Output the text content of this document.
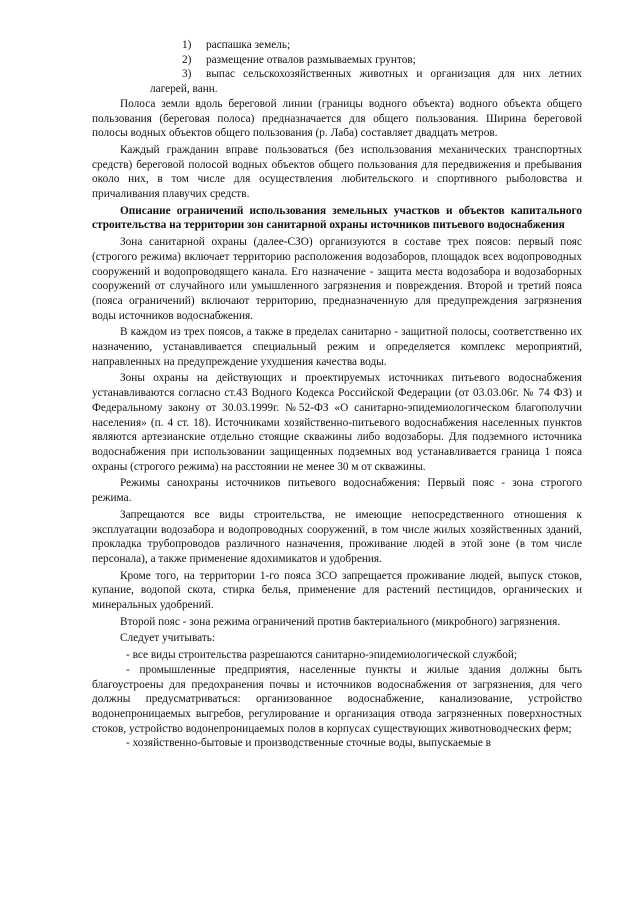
1) распашка земель;
2) размещение отвалов размываемых грунтов;
3) выпас сельскохозяйственных животных и организация для них летних лагерей, ванн.

Полоса земли вдоль береговой линии (границы водного объекта) водного объекта общего пользования (береговая полоса) предназначается для общего пользования. Ширина береговой полосы водных объектов общего пользования (р. Лаба) составляет двадцать метров.

Каждый гражданин вправе пользоваться (без использования механических транспортных средств) береговой полосой водных объектов общего пользования для передвижения и пребывания около них, в том числе для осуществления любительского и спортивного рыболовства и причаливания плавучих средств.

Описание ограничений использования земельных участков и объектов капитального строительства на территории зон санитарной охраны источников питьевого водоснабжения

Зона санитарной охраны (далее-СЗО) организуются в составе трех поясов: первый пояс (строгого режима) включает территорию расположения водозаборов, площадок всех водопроводных сооружений и водопроводящего канала. Его назначение - защита места водозабора и водозаборных сооружений от случайного или умышленного загрязнения и повреждения. Второй и третий пояса (пояса ограничений) включают территорию, предназначенную для предупреждения загрязнения воды источников водоснабжения.

В каждом из трех поясов, а также в пределах санитарно - защитной полосы, соответственно их назначению, устанавливается специальный режим и определяется комплекс мероприятий, направленных на предупреждение ухудшения качества воды.

Зоны охраны на действующих и проектируемых источниках питьевого водоснабжения устанавливаются согласно ст.43 Водного Кодекса Российской Федерации (от 03.03.06г. № 74 ФЗ) и Федеральному закону от 30.03.1999г. №52-ФЗ «О санитарно-эпидемиологическом благополучии населения» (п. 4 ст. 18). Источниками хозяйственно-питьевого водоснабжения населенных пунктов являются артезианские отдельно стоящие скважины либо водозаборы. Для подземного источника водоснабжения при использовании защищенных подземных вод устанавливается граница 1 пояса охраны (строгого режима) на расстоянии не менее 30 м от скважины.

Режимы санохраны источников питьевого водоснабжения: Первый пояс - зона строгого режима.

Запрещаются все виды строительства, не имеющие непосредственного отношения к эксплуатации водозабора и водопроводных сооружений, в том числе жилых хозяйственных зданий, прокладка трубопроводов различного назначения, проживание людей в этой зоне (в том числе персонала), а также применение ядохимикатов и удобрения.

Кроме того, на территории 1-го пояса ЗСО запрещается проживание людей, выпуск стоков, купание, водопой скота, стирка белья, применение для растений пестицидов, органических и минеральных удобрений.

Второй пояс - зона режима ограничений против бактериального (микробного) загрязнения.

Следует учитывать:

- все виды строительства разрешаются санитарно-эпидемиологической службой;

- промышленные предприятия, населенные пункты и жилые здания должны быть благоустроены для предохранения почвы и источников водоснабжения от загрязнения, для чего должны предусматриваться: организованное водоснабжение, канализование, устройство водонепроницаемых выгребов, регулирование и организация отвода загрязненных поверхностных стоков, устройство водонепроницаемых полов в корпусах существующих животноводческих ферм;

- хозяйственно-бытовые и производственные сточные воды, выпускаемые в
